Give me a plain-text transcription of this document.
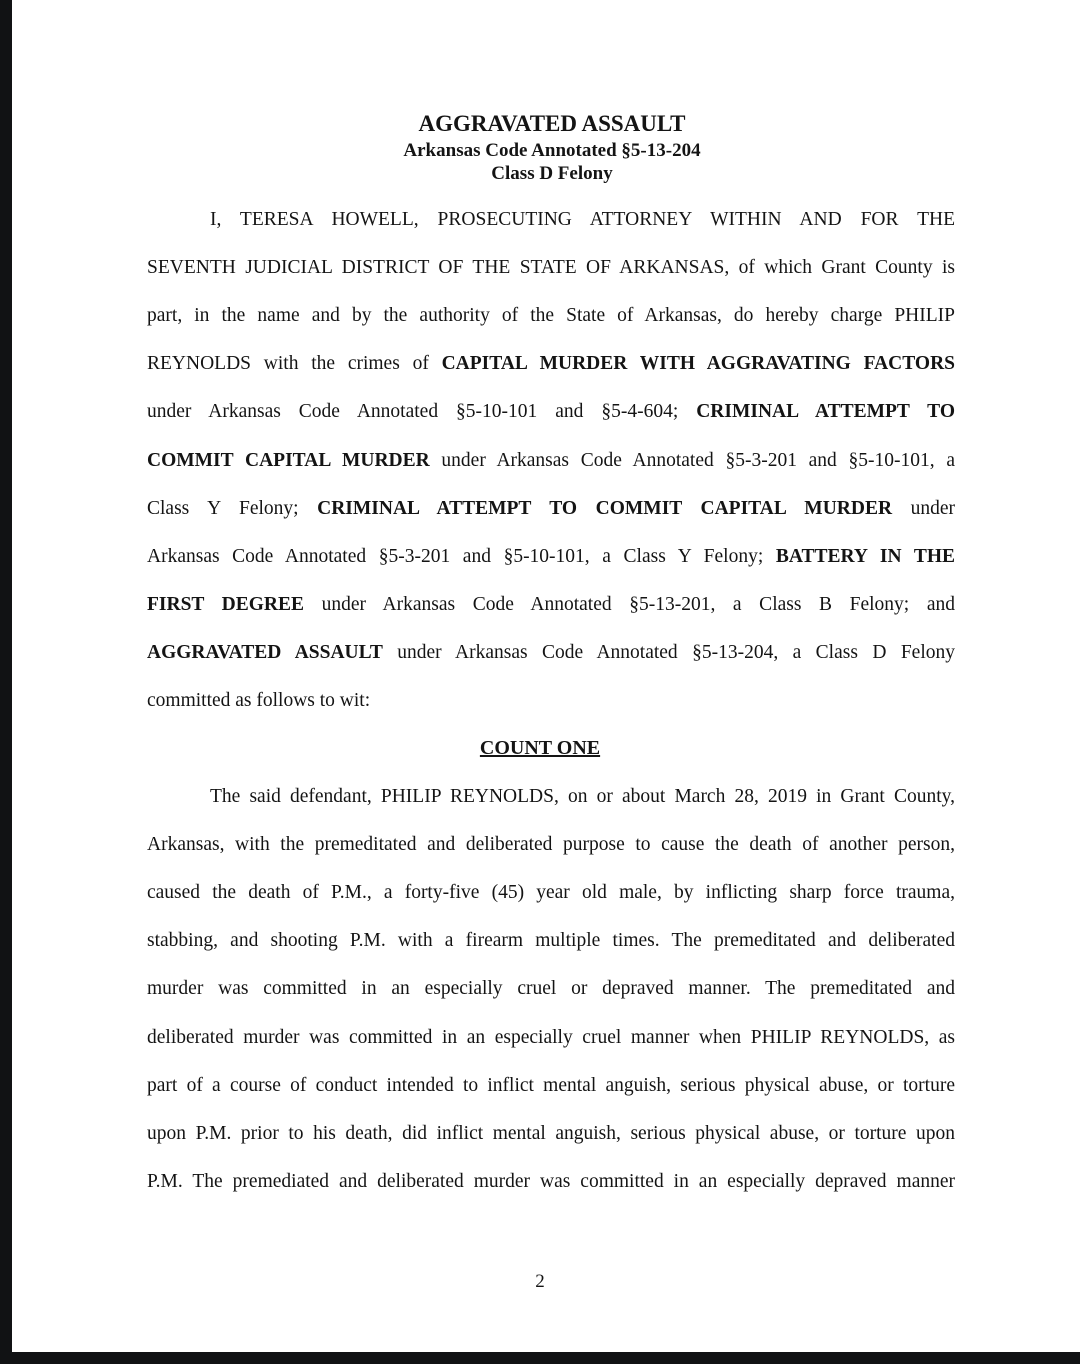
AGGRAVATED ASSAULT
Arkansas Code Annotated §5-13-204
Class D Felony
I, TERESA HOWELL, PROSECUTING ATTORNEY WITHIN AND FOR THE
SEVENTH JUDICIAL DISTRICT OF THE STATE OF ARKANSAS, of which Grant County is
part, in the name and by the authority of the State of Arkansas, do hereby charge PHILIP
REYNOLDS with the crimes of CAPITAL MURDER WITH AGGRAVATING FACTORS
under Arkansas Code Annotated §5-10-101 and §5-4-604; CRIMINAL ATTEMPT TO
COMMIT CAPITAL MURDER under Arkansas Code Annotated §5-3-201 and §5-10-101, a
Class Y Felony; CRIMINAL ATTEMPT TO COMMIT CAPITAL MURDER under
Arkansas Code Annotated §5-3-201 and §5-10-101, a Class Y Felony; BATTERY IN THE
FIRST DEGREE under Arkansas Code Annotated §5-13-201, a Class B Felony; and
AGGRAVATED ASSAULT under Arkansas Code Annotated §5-13-204, a Class D Felony
committed as follows to wit:
COUNT ONE
The said defendant, PHILIP REYNOLDS, on or about March 28, 2019 in Grant County,
Arkansas, with the premeditated and deliberated purpose to cause the death of another person,
caused the death of P.M., a forty-five (45) year old male, by inflicting sharp force trauma,
stabbing, and shooting P.M. with a firearm multiple times. The premeditated and deliberated
murder was committed in an especially cruel or depraved manner. The premeditated and
deliberated murder was committed in an especially cruel manner when PHILIP REYNOLDS, as
part of a course of conduct intended to inflict mental anguish, serious physical abuse, or torture
upon P.M. prior to his death, did inflict mental anguish, serious physical abuse, or torture upon
P.M. The premediated and deliberated murder was committed in an especially depraved manner
2
